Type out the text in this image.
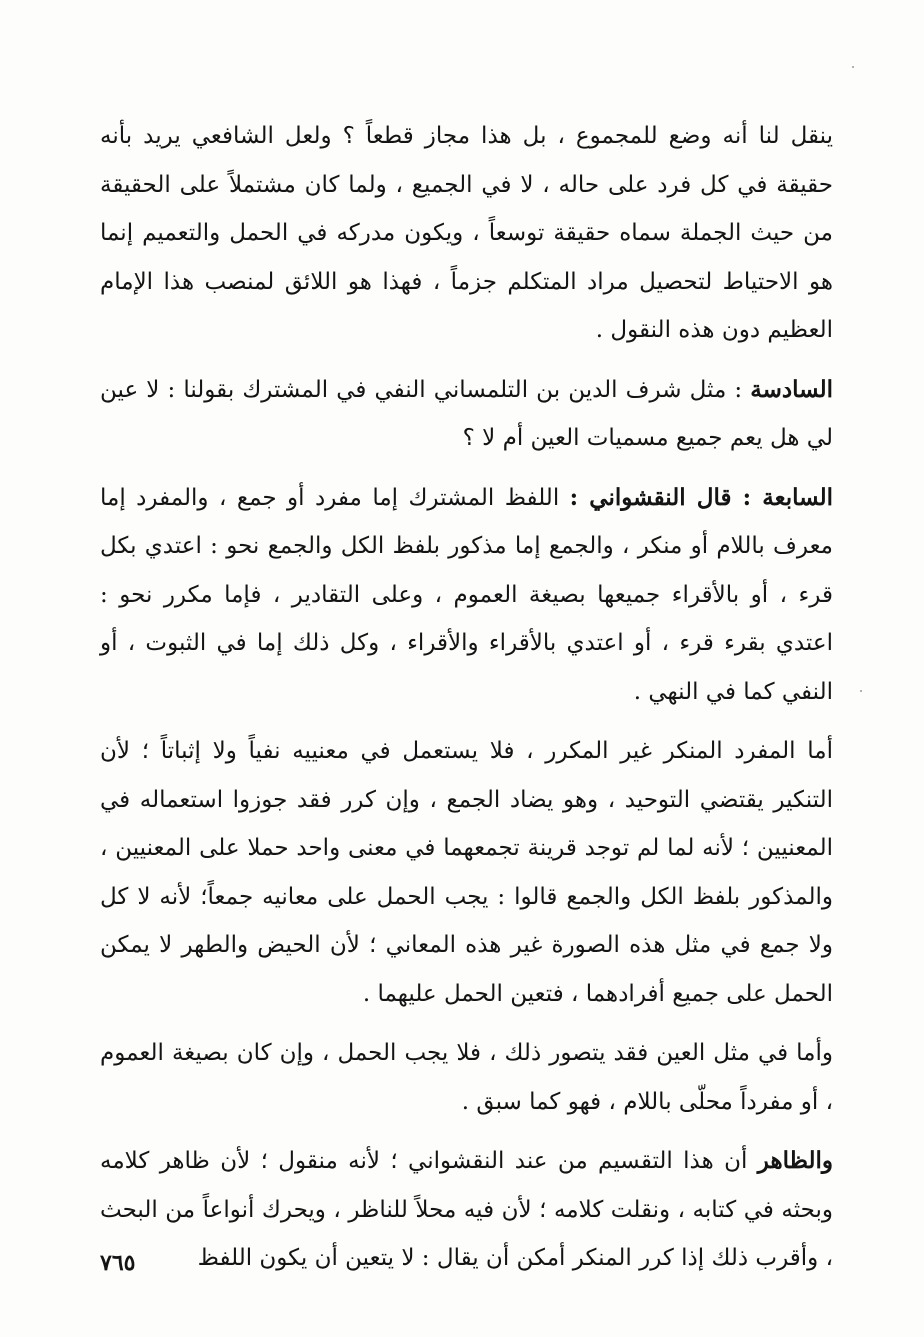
ينقل لنا أنه وضع للمجموع ، بل هذا مجاز قطعاً ؟ ولعل الشافعي يريد بأنه حقيقة في كل فرد على حاله ، لا في الجميع ، ولما كان مشتملاً على الحقيقة من حيث الجملة سماه حقيقة توسعاً ، ويكون مدركه في الحمل والتعميم إنما هو الاحتياط لتحصيل مراد المتكلم جزماً ، فهذا هو اللائق لمنصب هذا الإمام العظيم دون هذه النقول .

السادسة : مثل شرف الدين بن التلمساني النفي في المشترك بقولنا : لا عين لي هل يعم جميع مسميات العين أم لا ؟

السابعة : قال النقشواني : اللفظ المشترك إما مفرد أو جمع ، والمفرد إما معرف باللام أو منكر ، والجمع إما مذكور بلفظ الكل والجمع نحو : اعتدي بكل قرء ، أو بالأقراء جميعها بصيغة العموم ، وعلى التقادير ، فإما مكرر نحو : اعتدي بقرء قرء ، أو اعتدي بالأقراء والأقراء ، وكل ذلك إما في الثبوت ، أو النفي كما في النهي .

أما المفرد المنكر غير المكرر ، فلا يستعمل في معنييه نفياً ولا إثباتاً ؛ لأن التنكير يقتضي التوحيد ، وهو يضاد الجمع ، وإن كرر فقد جوزوا استعماله في المعنيين ؛ لأنه لما لم توجد قرينة تجمعهما في معنى واحد حملا على المعنيين ، والمذكور بلفظ الكل والجمع قالوا : يجب الحمل على معانيه جمعاً؛ لأنه لا كل ولا جمع في مثل هذه الصورة غير هذه المعاني ؛ لأن الحيض والطهر لا يمكن الحمل على جميع أفرادهما ، فتعين الحمل عليهما .

وأما في مثل العين فقد يتصور ذلك ، فلا يجب الحمل ، وإن كان بصيغة العموم ، أو مفرداً محلّى باللام ، فهو كما سبق .

والظاهر أن هذا التقسيم من عند النقشواني ؛ لأنه منقول ؛ لأن ظاهر كلامه وبحثه في كتابه ، ونقلت كلامه ؛ لأن فيه محلاً للناظر ، ويحرك أنواعاً من البحث ، وأقرب ذلك إذا كرر المنكر أمكن أن يقال : لا يتعين أن يكون اللفظ

٧٦٥
